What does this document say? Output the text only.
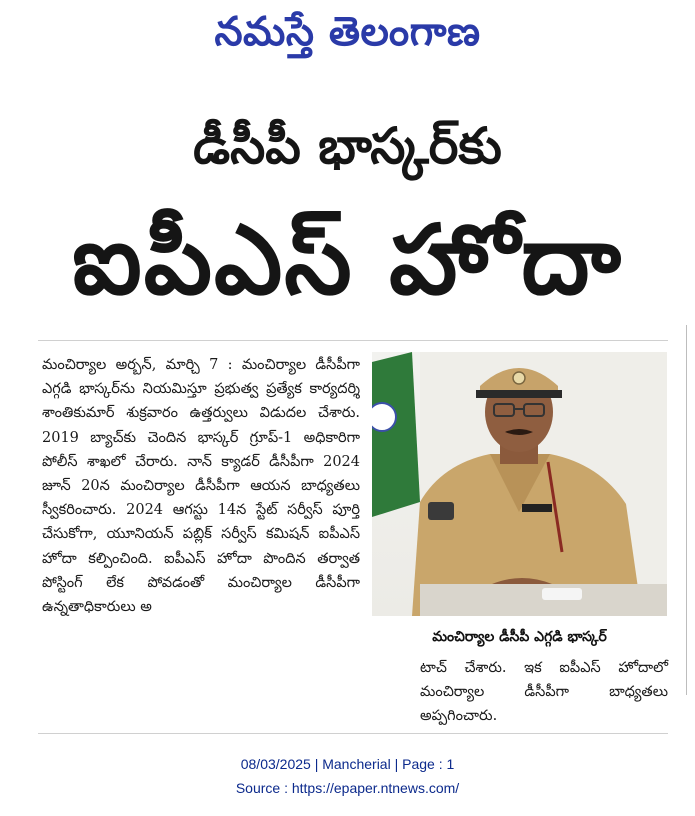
నమస్తే తెలంగాణ
డీసీపీ భాస్కర్‌కు
ఐపీఎస్ హోదా

మంచిర్యాల అర్బన్, మార్చి 7 : మంచిర్యాల డీసీపీగా ఎగ్గడి భాస్కర్‌ను నియమిస్తూ ప్రభుత్వ ప్రత్యేక కార్యదర్శి శాంతికుమార్ శుక్రవారం ఉత్తర్వులు విడుదల చేశారు. 2019 బ్యాచ్‌కు చెందిన భాస్కర్ గ్రూప్-1 అధికారిగా పోలీస్ శాఖలో చేరారు. నాన్ క్యాడర్ డీసీపీగా 2024 జూన్ 20న మంచిర్యాల డీసీపీగా ఆయన బాధ్యతలు స్వీకరించారు. 2024 ఆగస్టు 14న స్టేట్ సర్వీస్ పూర్తి చేసుకోగా, యూనియన్ పబ్లిక్ సర్వీస్ కమిషన్ ఐపీఎస్ హోదా కల్పించింది. ఐపీఎస్ హోదా పొందిన తర్వాత పోస్టింగ్ లేక పోవడంతో మంచిర్యాల డీసీపీగా ఉన్నతాధికారులు అ

మంచిర్యాల డీసీపీ ఎగ్గడి భాస్కర్
టాచ్ చేశారు. ఇక ఐపీఎస్ హోదాలో మంచిర్యాల డీసీపీగా బాధ్యతలు అప్పగించారు.
08/03/2025 | Mancherial | Page : 1
Source : https://epaper.ntnews.com/
